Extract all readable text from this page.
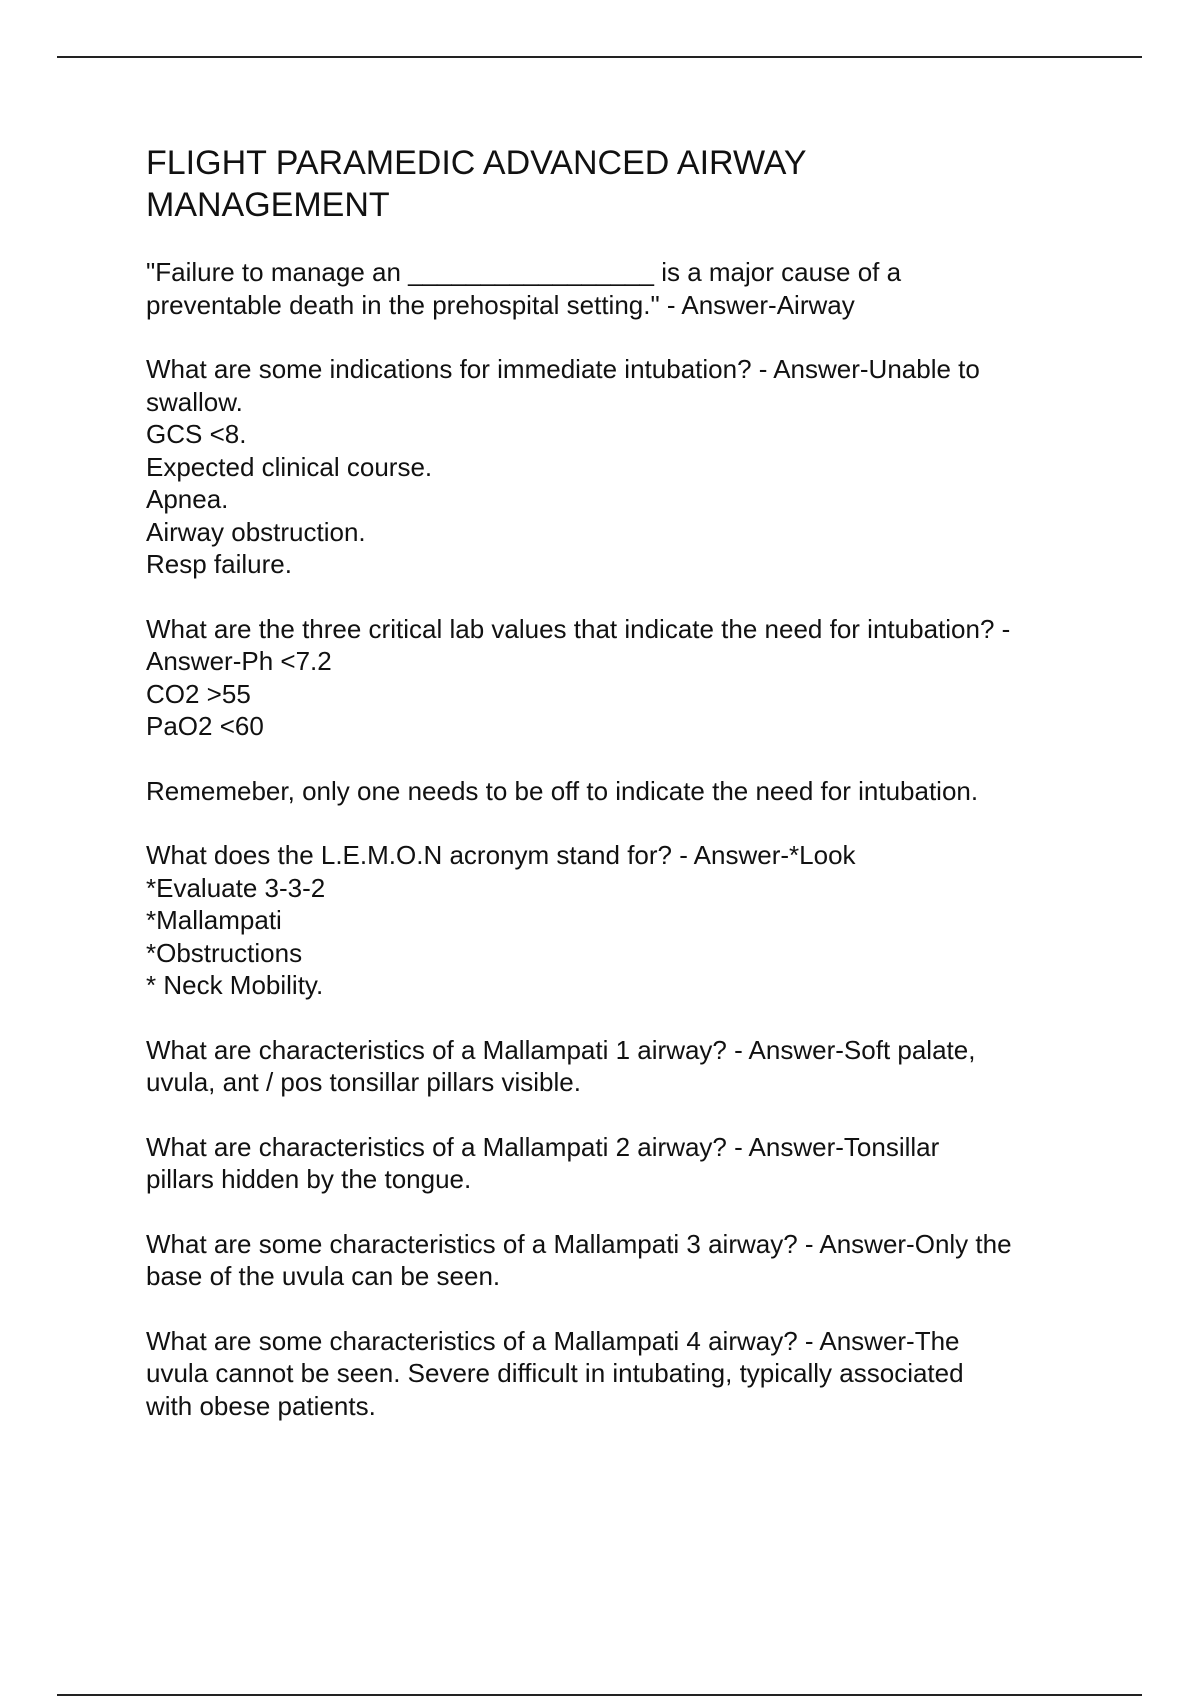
FLIGHT PARAMEDIC ADVANCED AIRWAY
MANAGEMENT

"Failure to manage an _________________ is a major cause of a
preventable death in the prehospital setting." - Answer-Airway

What are some indications for immediate intubation? - Answer-Unable to
swallow.
GCS <8.
Expected clinical course.
Apnea.
Airway obstruction.
Resp failure.

What are the three critical lab values that indicate the need for intubation? -
Answer-Ph <7.2
CO2 >55
PaO2 <60

Rememeber, only one needs to be off to indicate the need for intubation.

What does the L.E.M.O.N acronym stand for? - Answer-*Look
*Evaluate 3-3-2
*Mallampati
*Obstructions
* Neck Mobility.

What are characteristics of a Mallampati 1 airway? - Answer-Soft palate,
uvula, ant / pos tonsillar pillars visible.

What are characteristics of a Mallampati 2 airway? - Answer-Tonsillar
pillars hidden by the tongue.

What are some characteristics of a Mallampati 3 airway? - Answer-Only the
base of the uvula can be seen.

What are some characteristics of a Mallampati 4 airway? - Answer-The
uvula cannot be seen. Severe difficult in intubating, typically associated
with obese patients.
